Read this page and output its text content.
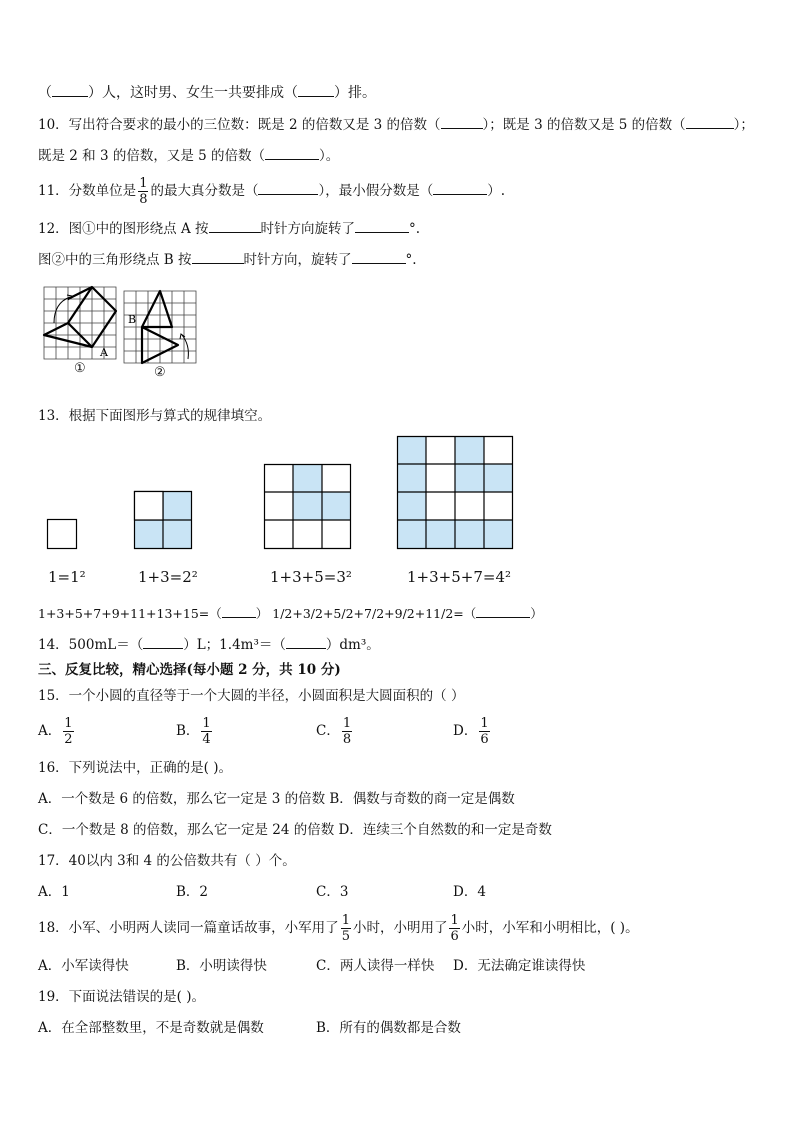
（	）人，这时男、女生一共要排成（	）排。
10．写出符合要求的最小的三位数：既是 2 的倍数又是 3 的倍数（	）；既是 3 的倍数又是 5 的倍数（	）；
既是 2 和 3 的倍数，又是 5 的倍数（	）。
11．分数单位是 $\frac{1}{8}$ 的最大真分数是（	），最小假分数是（	）.
12．图①中的图形绕点 A 按	时针方向旋转了	°.
图②中的三角形绕点 B 按	时针方向，旋转了	°.
A
①
B
②
13．根据下面图形与算式的规律填空。
1=1²	1+3=2²	1+3+5=3²	1+3+5+7=4²
1+3+5+7+9+11+13+15=（	） 1/2+3/2+5/2+7/2+9/2+11/2=（	）
14．500mL＝（	）L；1.4m³＝（	）dm³。
三、反复比较，精心选择(每小题 2 分，共 10 分)
15．一个小圆的直径等于一个大圆的半径，小圆面积是大圆面积的（ ）
A． $\frac{1}{2}$	B． $\frac{1}{4}$	C． $\frac{1}{8}$	D． $\frac{1}{6}$
16．下列说法中，正确的是( )。
A．一个数是 6 的倍数，那么它一定是 3 的倍数 B．偶数与奇数的商一定是偶数
C．一个数是 8 的倍数，那么它一定是 24 的倍数 D．连续三个自然数的和一定是奇数
17．40以内 3和 4 的公倍数共有（ ）个。
A．1	B．2	C．3	D．4
18．小军、小明两人读同一篇童话故事，小军用了 $\frac{1}{5}$ 小时，小明用了 $\frac{1}{6}$ 小时，小军和小明相比，( )。
A．小军读得快	B．小明读得快	C．两人读得一样快 D．无法确定谁读得快
19．下面说法错误的是( )。
A．在全部整数里，不是奇数就是偶数	B．所有的偶数都是合数
